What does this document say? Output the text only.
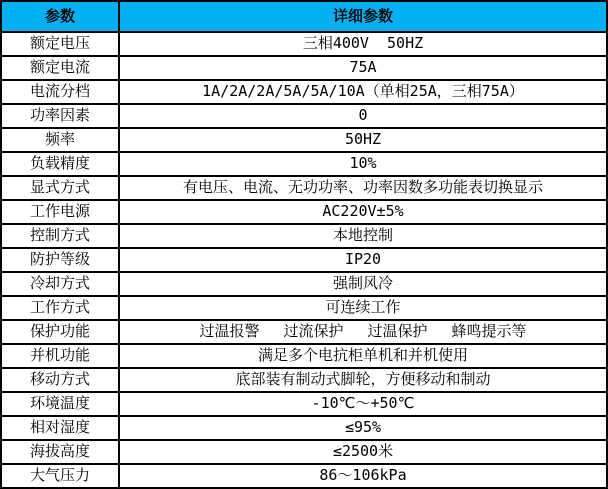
参数	详细参数
额定电压	三相400V  50HZ
额定电流	75A
电流分档	1A/2A/2A/5A/5A/10A（单相25A，三相75A）
功率因素	0
频率	50HZ
负载精度	10%
显式方式	有电压、电流、无功功率、功率因数多功能表切换显示
工作电源	AC220V±5%
控制方式	本地控制
防护等级	IP20
冷却方式	强制风冷
工作方式	可连续工作
保护功能	过温报警　 过流保护　 过温保护　 蜂鸣提示等
并机功能	满足多个电抗柜单机和并机使用
移动方式	底部装有制动式脚轮，方便移动和制动
环境温度	-10℃～+50℃
相对湿度	≤95%
海拔高度	≤2500米
大气压力	86～106kPa
